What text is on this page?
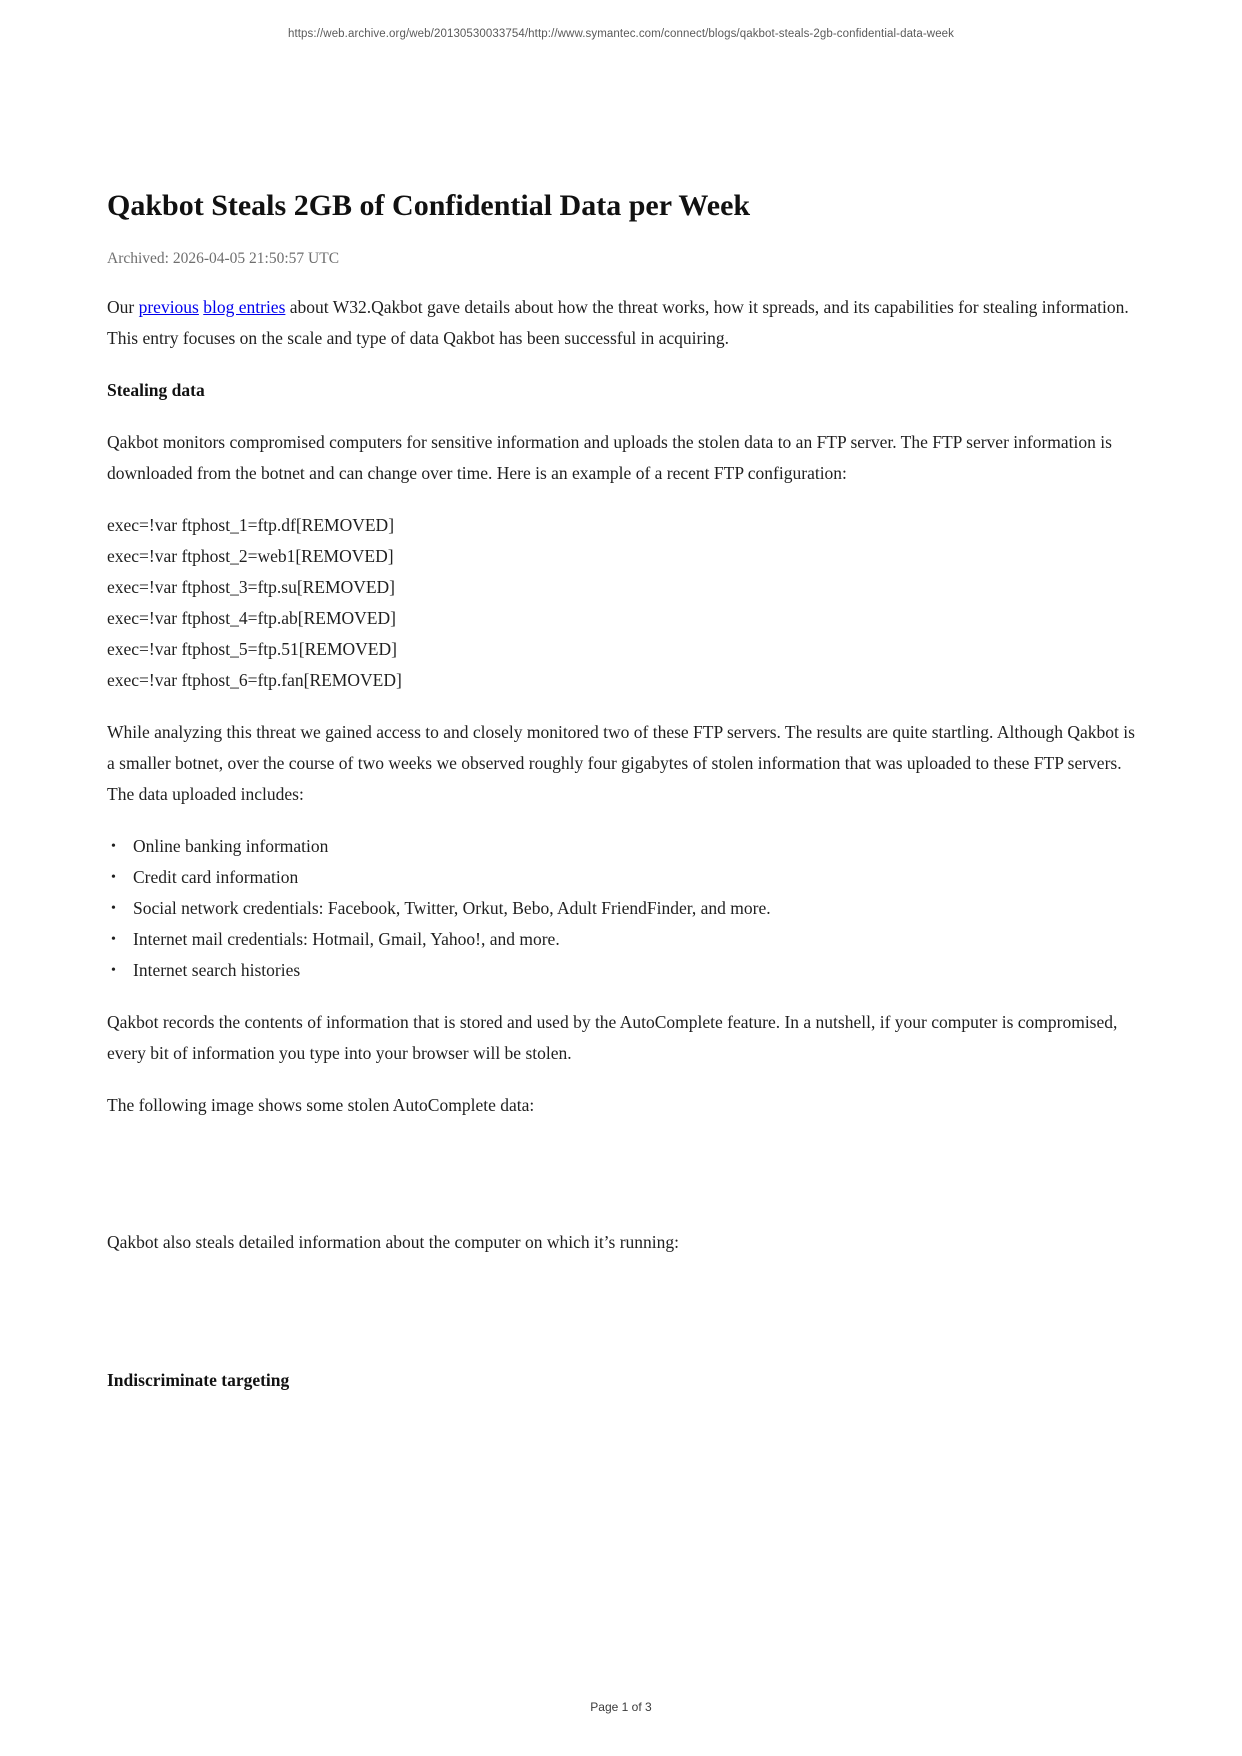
https://web.archive.org/web/20130530033754/http://www.symantec.com/connect/blogs/qakbot-steals-2gb-confidential-data-week
Qakbot Steals 2GB of Confidential Data per Week
Archived: 2026-04-05 21:50:57 UTC

Our previous blog entries about W32.Qakbot gave details about how the threat works, how it spreads, and its capabilities for stealing information. This entry focuses on the scale and type of data Qakbot has been successful in acquiring.

Stealing data

Qakbot monitors compromised computers for sensitive information and uploads the stolen data to an FTP server. The FTP server information is downloaded from the botnet and can change over time. Here is an example of a recent FTP configuration:

exec=!var ftphost_1=ftp.df[REMOVED]
exec=!var ftphost_2=web1[REMOVED]
exec=!var ftphost_3=ftp.su[REMOVED]
exec=!var ftphost_4=ftp.ab[REMOVED]
exec=!var ftphost_5=ftp.51[REMOVED]
exec=!var ftphost_6=ftp.fan[REMOVED]

While analyzing this threat we gained access to and closely monitored two of these FTP servers. The results are quite startling. Although Qakbot is a smaller botnet, over the course of two weeks we observed roughly four gigabytes of stolen information that was uploaded to these FTP servers. The data uploaded includes:

• Online banking information
• Credit card information
• Social network credentials: Facebook, Twitter, Orkut, Bebo, Adult FriendFinder, and more.
• Internet mail credentials: Hotmail, Gmail, Yahoo!, and more.
• Internet search histories

Qakbot records the contents of information that is stored and used by the AutoComplete feature. In a nutshell, if your computer is compromised, every bit of information you type into your browser will be stolen.

The following image shows some stolen AutoComplete data:

Qakbot also steals detailed information about the computer on which it’s running:

Indiscriminate targeting
Page 1 of 3
